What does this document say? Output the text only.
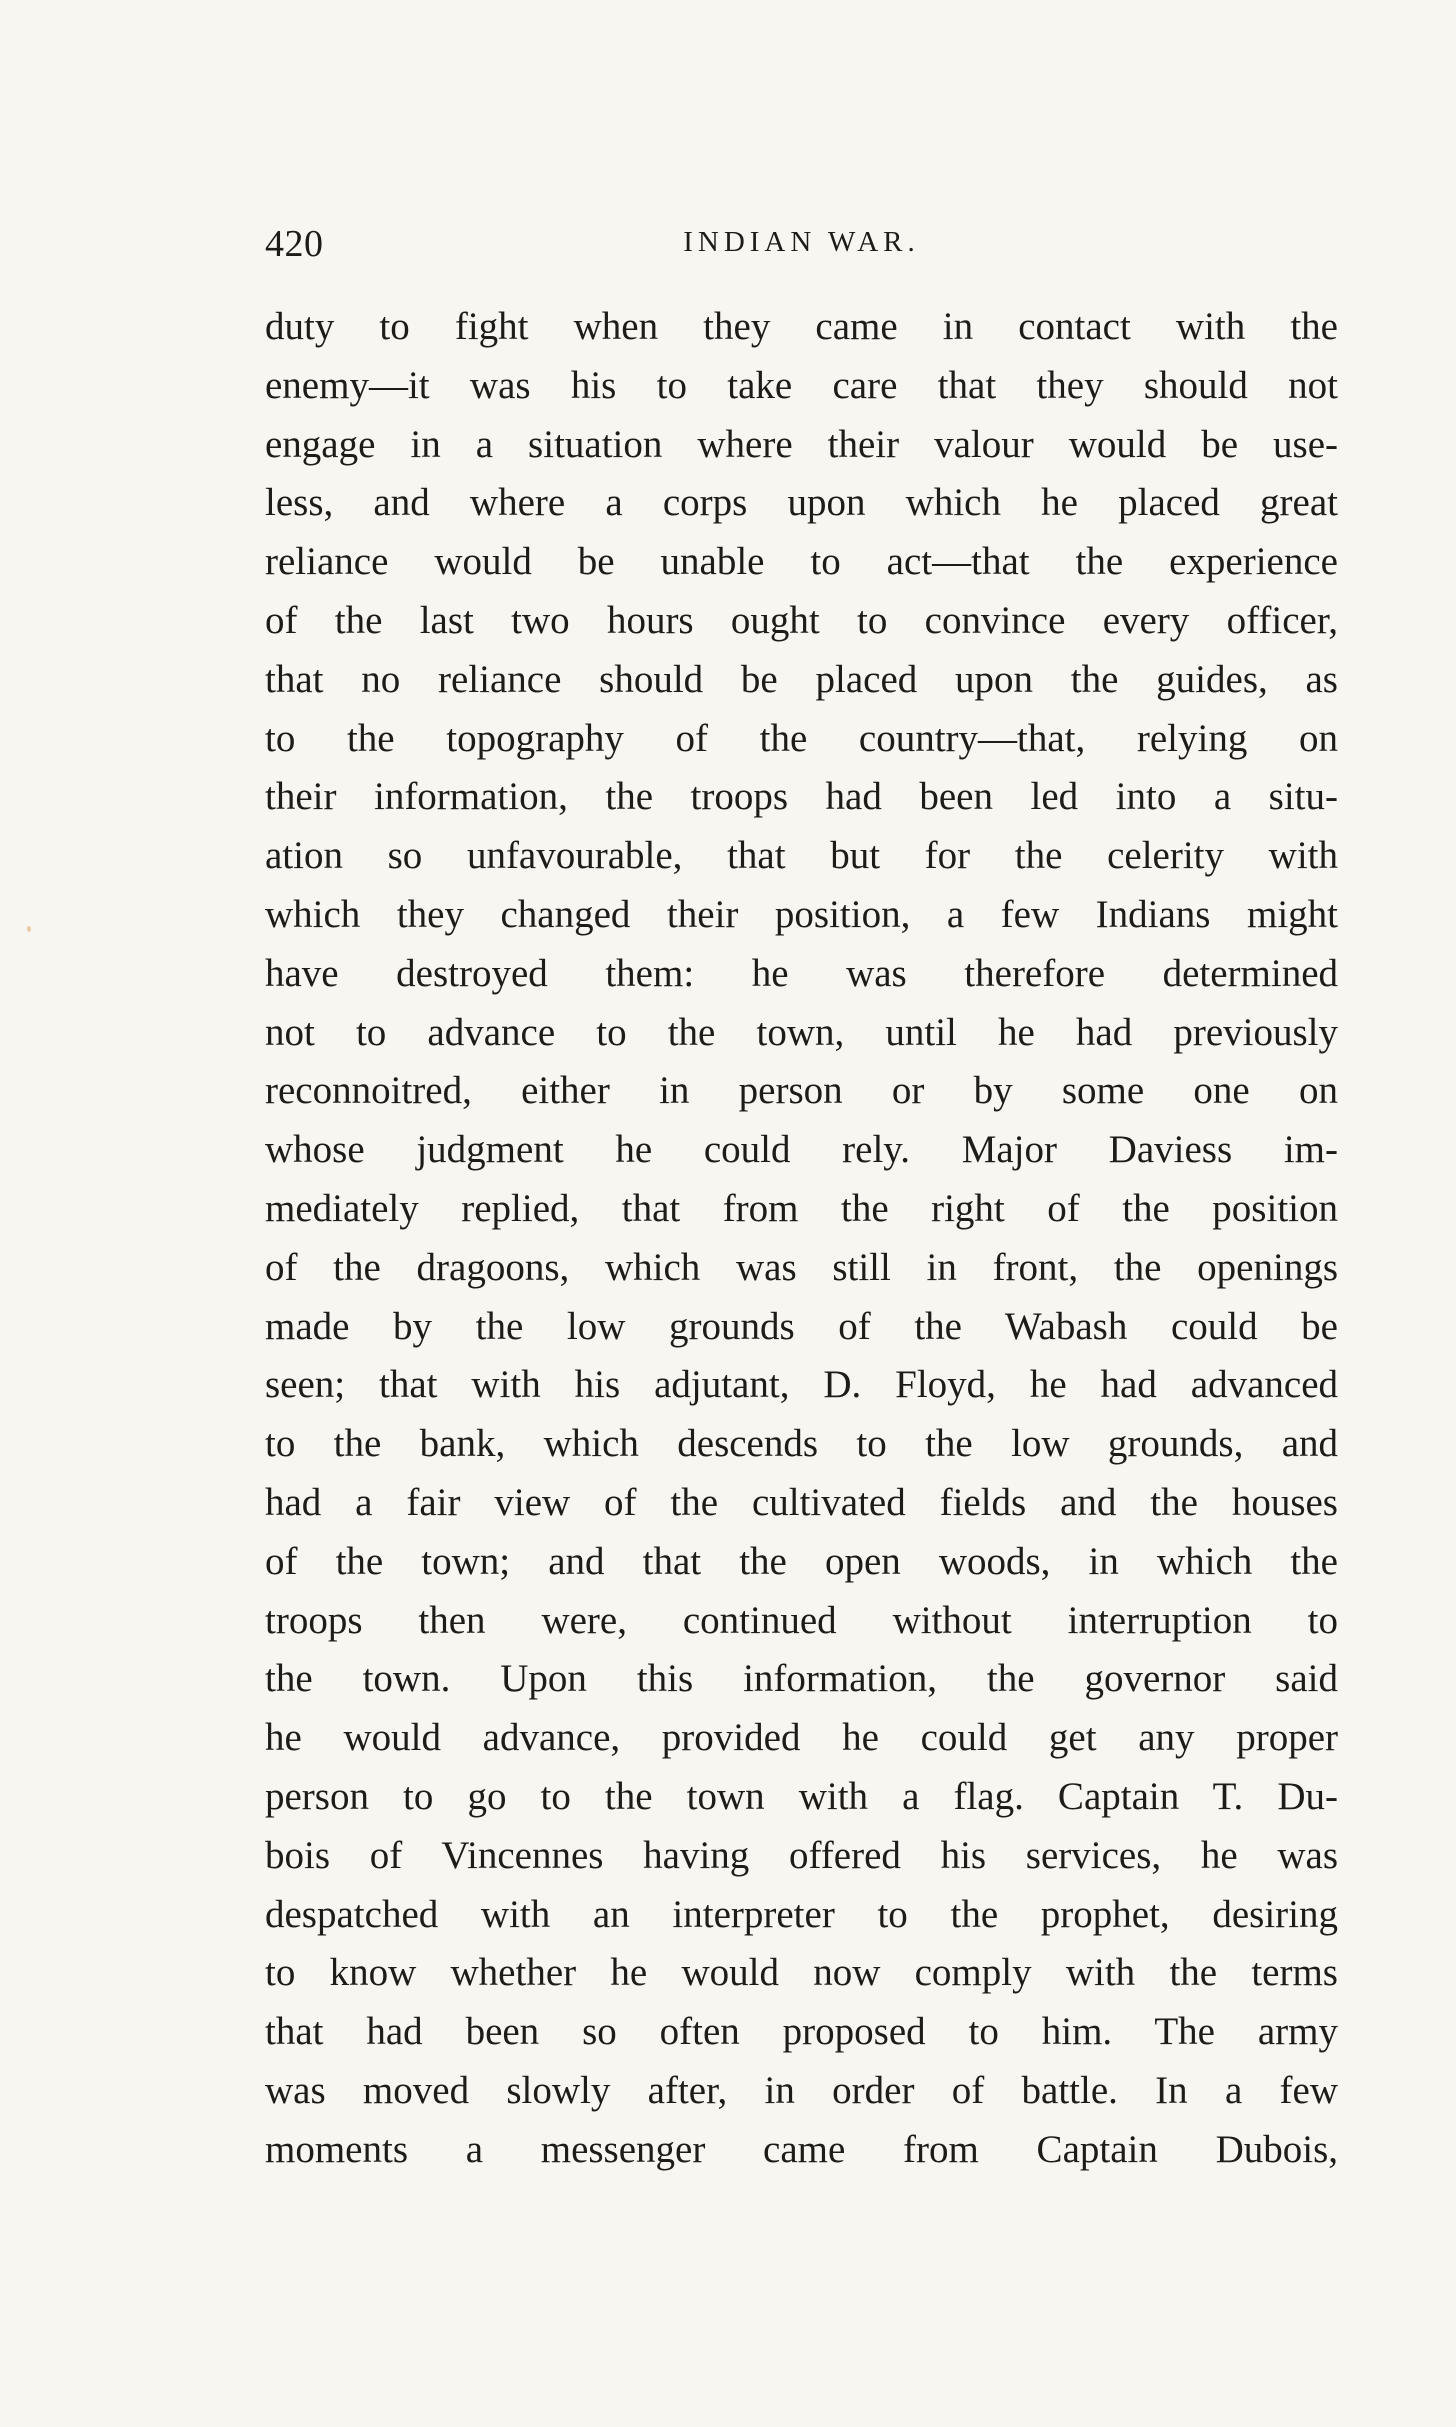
420	INDIAN WAR.
duty to fight when they came in contact with the
enemy—it was his to take care that they should not
engage in a situation where their valour would be use-
less, and where a corps upon which he placed great
reliance would be unable to act—that the experience
of the last two hours ought to convince every officer,
that no reliance should be placed upon the guides, as
to the topography of the country—that, relying on
their information, the troops had been led into a situ-
ation so unfavourable, that but for the celerity with
which they changed their position, a few Indians might
have destroyed them: he was therefore determined
not to advance to the town, until he had previously
reconnoitred, either in person or by some one on
whose judgment he could rely. Major Daviess im-
mediately replied, that from the right of the position
of the dragoons, which was still in front, the openings
made by the low grounds of the Wabash could be
seen; that with his adjutant, D. Floyd, he had advanced
to the bank, which descends to the low grounds, and
had a fair view of the cultivated fields and the houses
of the town; and that the open woods, in which the
troops then were, continued without interruption to
the town. Upon this information, the governor said
he would advance, provided he could get any proper
person to go to the town with a flag. Captain T. Du-
bois of Vincennes having offered his services, he was
despatched with an interpreter to the prophet, desiring
to know whether he would now comply with the terms
that had been so often proposed to him. The army
was moved slowly after, in order of battle. In a few
moments a messenger came from Captain Dubois,
